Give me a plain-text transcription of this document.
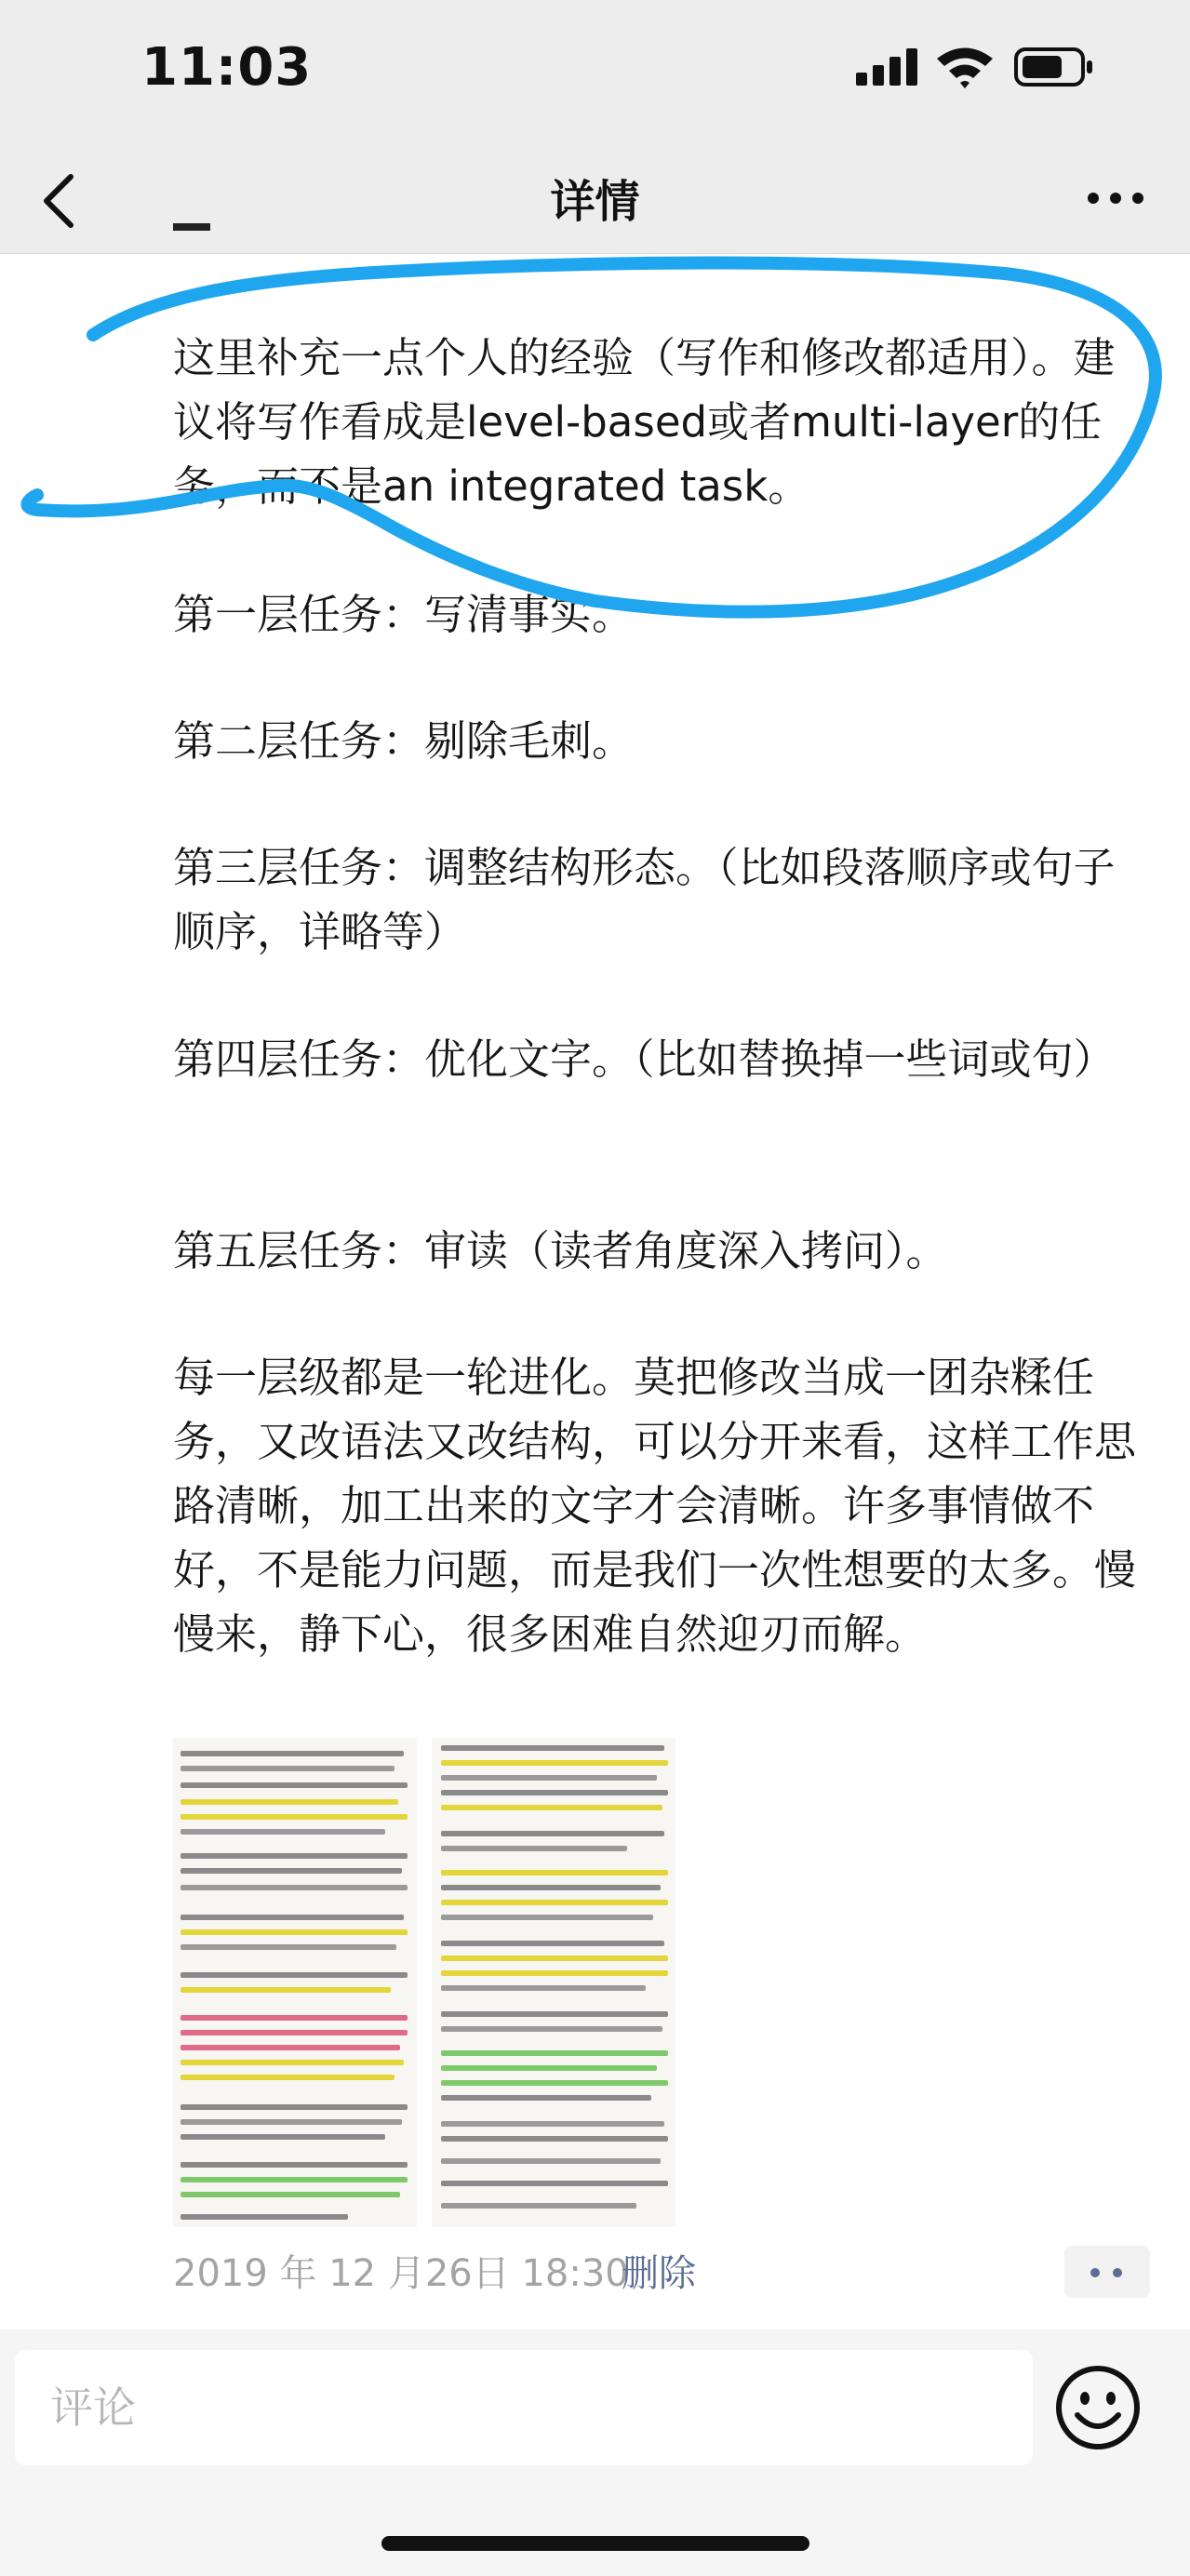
11:03
详情

这里补充一点个人的经验（写作和修改都适用）。建议将写作看成是level-based或者multi-layer的任务，而不是an integrated task。

第一层任务：写清事实。

第二层任务：剔除毛刺。

第三层任务：调整结构形态。（比如段落顺序或句子顺序，详略等）

第四层任务：优化文字。（比如替换掉一些词或句）

第五层任务：审读（读者角度深入拷问）。

每一层级都是一轮进化。莫把修改当成一团杂糅任务，又改语法又改结构，可以分开来看，这样工作思路清晰，加工出来的文字才会清晰。许多事情做不好，不是能力问题，而是我们一次性想要的太多。慢慢来，静下心，很多困难自然迎刃而解。

2019 年 12 月26日 18:30
删除
评论
